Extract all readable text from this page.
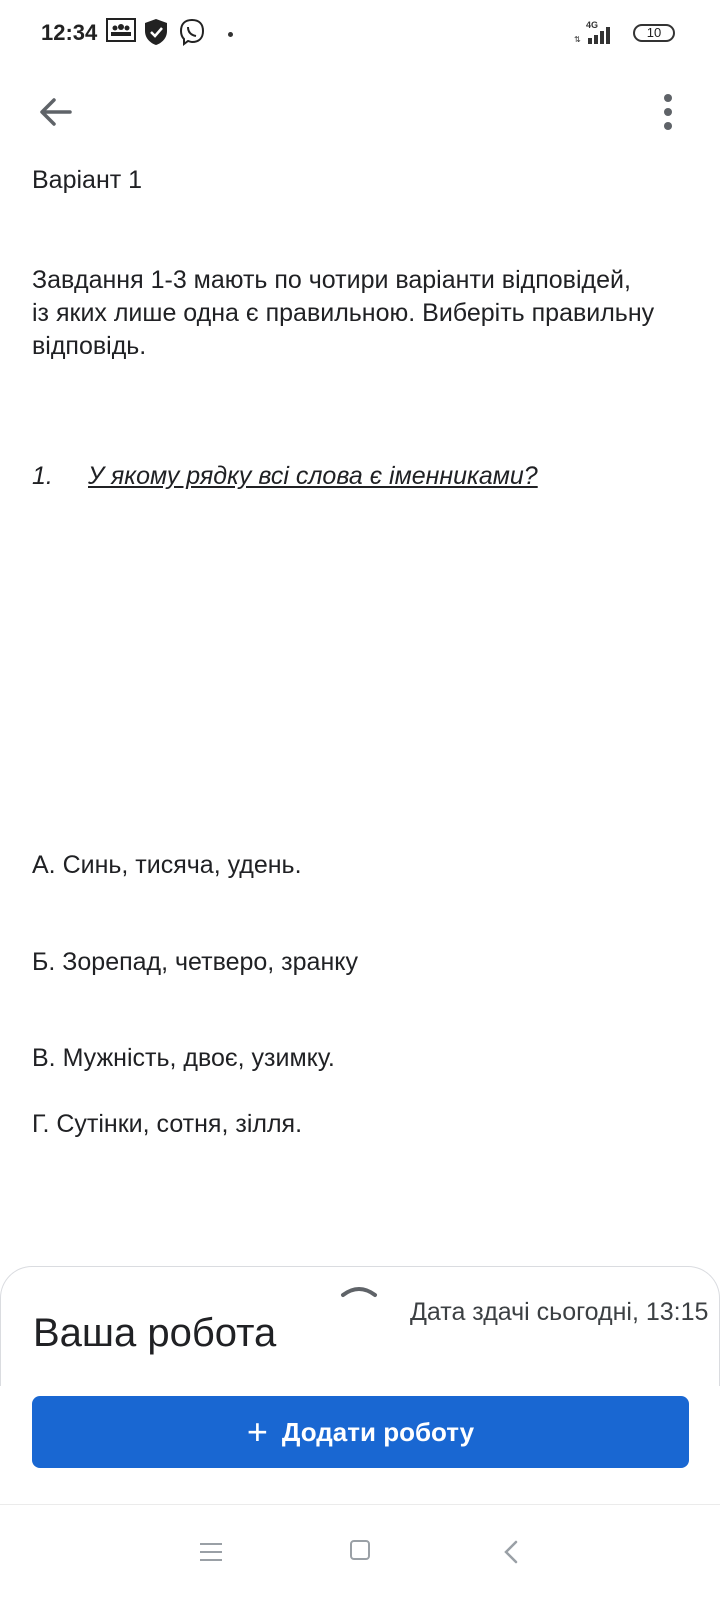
12:34	4G
⇅	10
Варіант 1
Завдання 1-3 мають по чотири варіанти відповідей,
із яких лише одна є правильною. Виберіть правильну відповідь.
1. У якому рядку всі слова є іменниками?
А. Синь, тисяча, удень.
Б. Зорепад, четверо, зранку
В. Мужність, двоє, узимку.
Г. Сутінки, сотня, зілля.
Ваша робота	Дата здачі сьогодні, 13:15
+ Додати роботу
